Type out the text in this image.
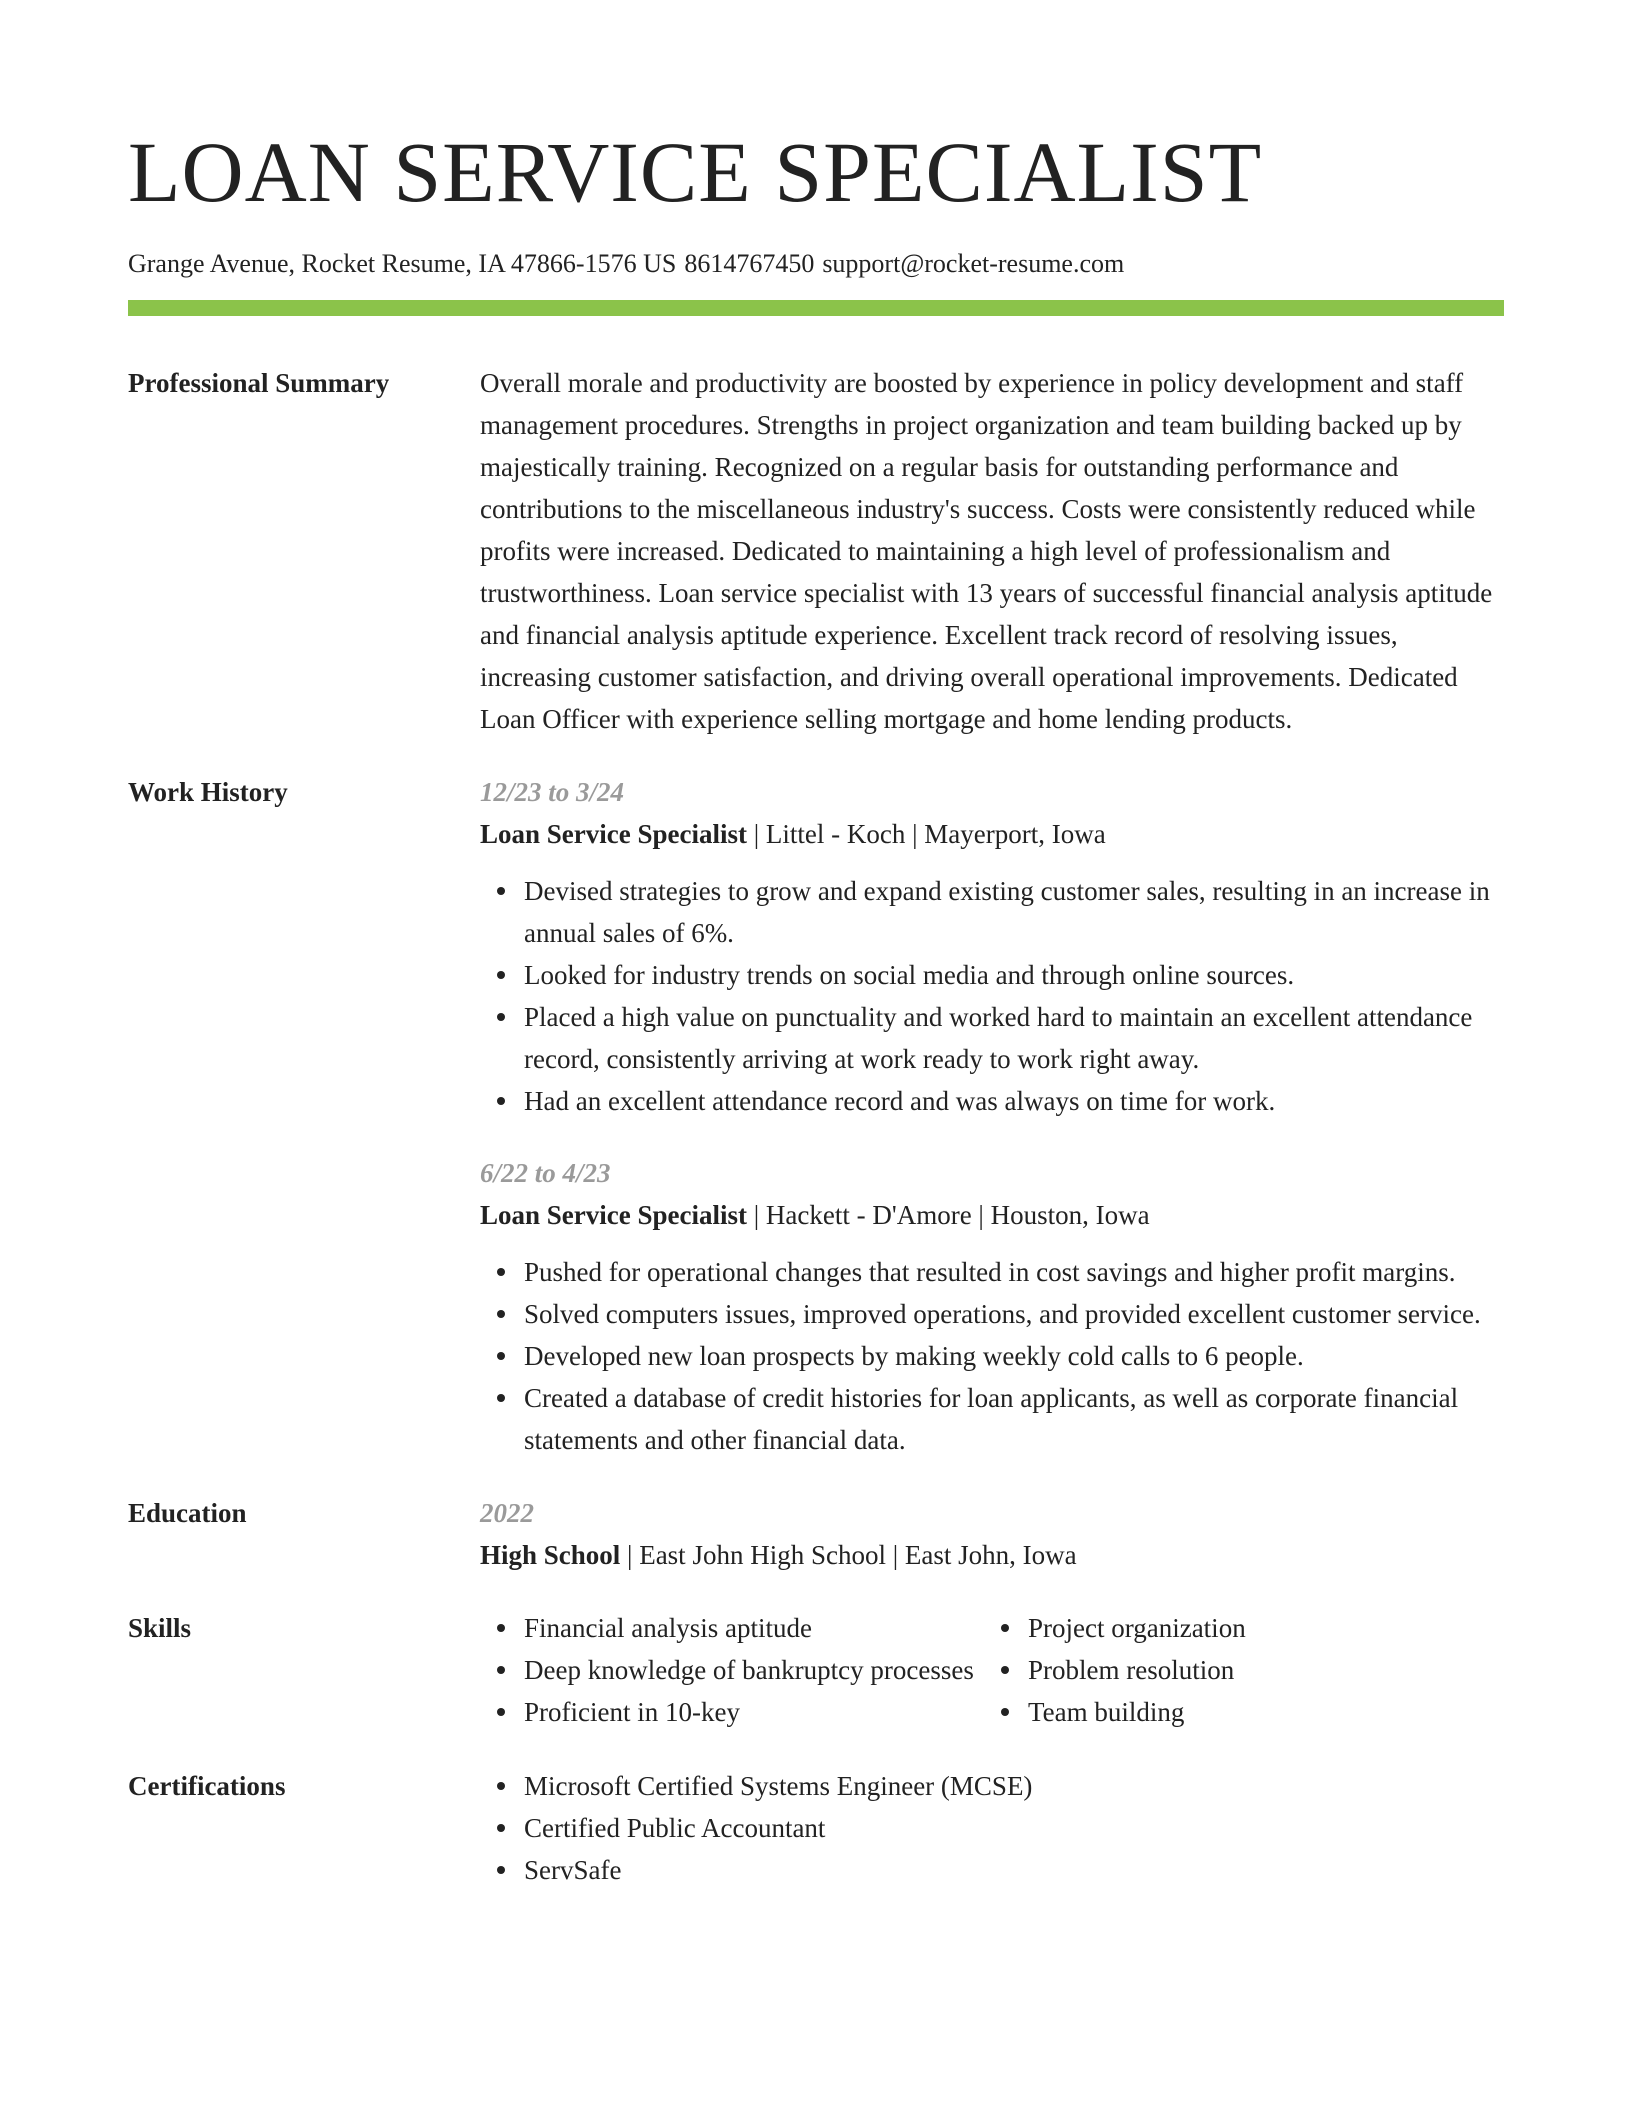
LOAN SERVICE SPECIALIST
Grange Avenue, Rocket Resume, IA 47866-1576 US 8614767450 support@rocket-resume.com
Professional Summary	Overall morale and productivity are boosted by experience in policy development and staff management procedures. Strengths in project organization and team building backed up by majestically training. Recognized on a regular basis for outstanding performance and contributions to the miscellaneous industry's success. Costs were consistently reduced while profits were increased. Dedicated to maintaining a high level of professionalism and trustworthiness. Loan service specialist with 13 years of successful financial analysis aptitude and financial analysis aptitude experience. Excellent track record of resolving issues, increasing customer satisfaction, and driving overall operational improvements. Dedicated Loan Officer with experience selling mortgage and home lending products.

Work History	12/23 to 3/24
Loan Service Specialist | Littel - Koch | Mayerport, Iowa
Devised strategies to grow and expand existing customer sales, resulting in an increase in annual sales of 6%.
Looked for industry trends on social media and through online sources.
Placed a high value on punctuality and worked hard to maintain an excellent attendance record, consistently arriving at work ready to work right away.
Had an excellent attendance record and was always on time for work.
6/22 to 4/23
Loan Service Specialist | Hackett - D'Amore | Houston, Iowa
Pushed for operational changes that resulted in cost savings and higher profit margins.
Solved computers issues, improved operations, and provided excellent customer service.
Developed new loan prospects by making weekly cold calls to 6 people.
Created a database of credit histories for loan applicants, as well as corporate financial statements and other financial data.
Education	2022
High School | East John High School | East John, Iowa
Skills	Financial analysis aptitude
Deep knowledge of bankruptcy processes
Proficient in 10-key
Project organization
Problem resolution
Team building
Certifications	Microsoft Certified Systems Engineer (MCSE)
Certified Public Accountant
ServSafe
